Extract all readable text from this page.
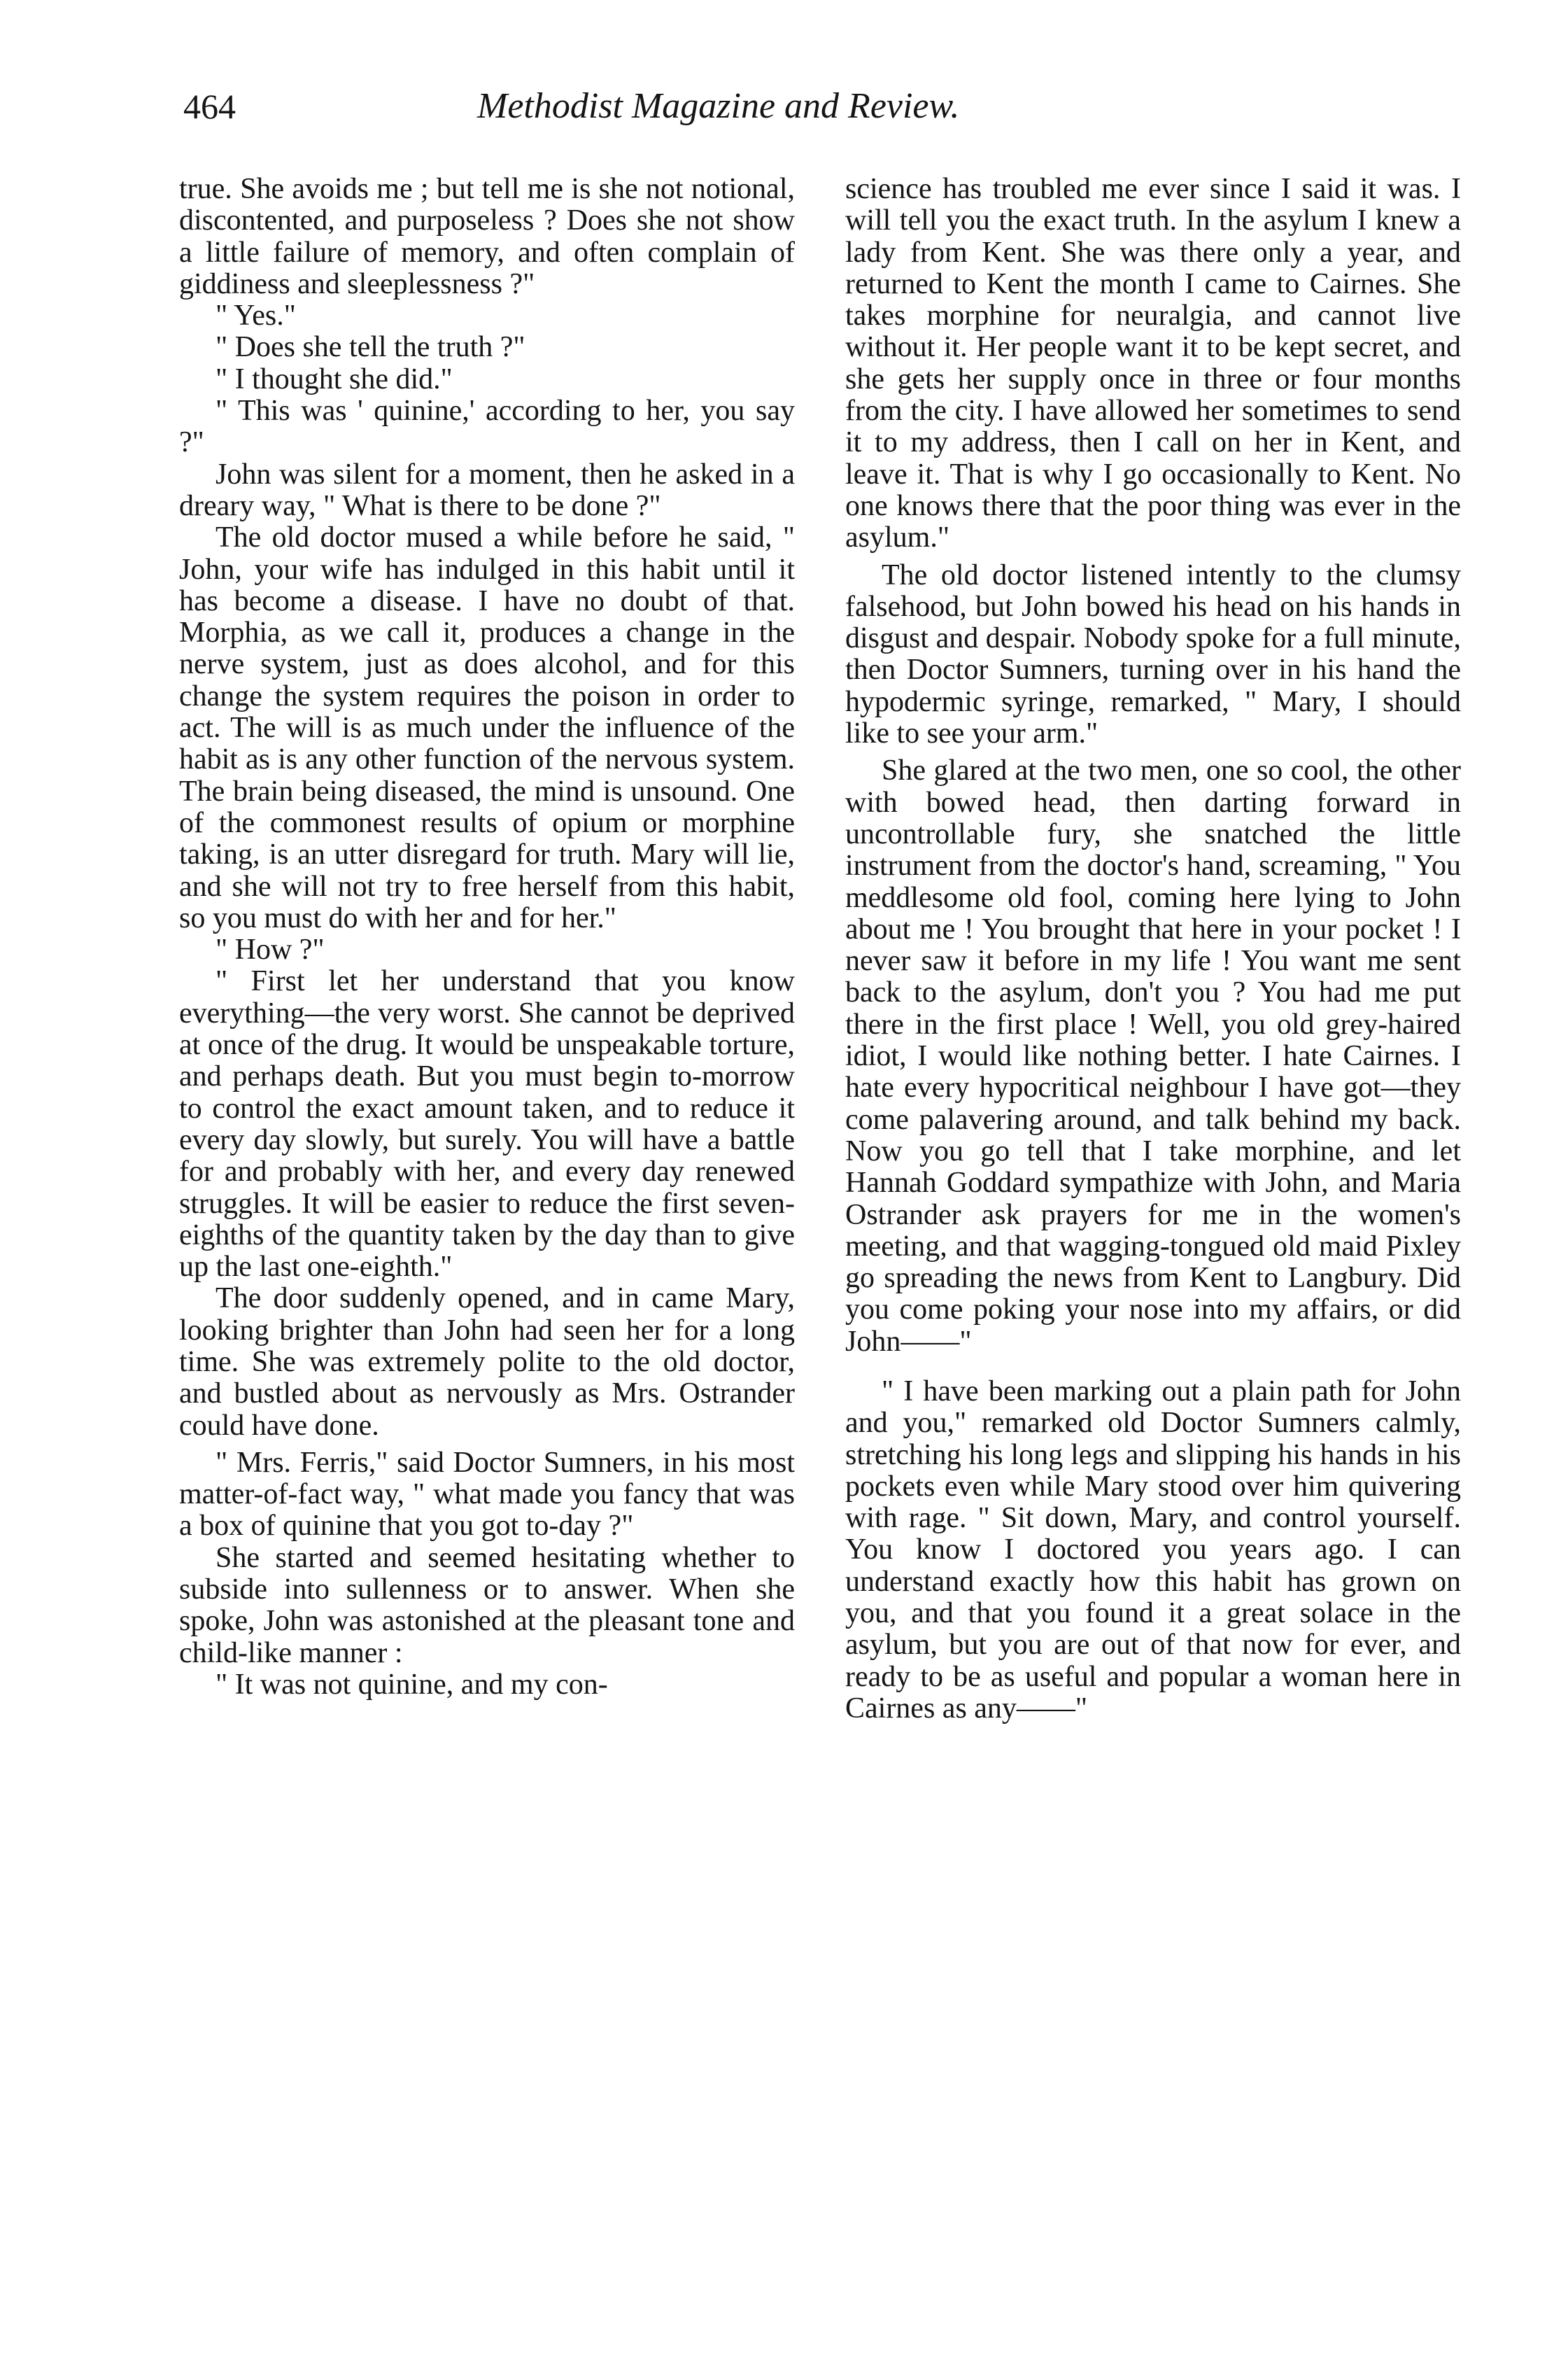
464	Methodist Magazine and Review.

true. She avoids me ; but tell me is she not notional, discontented, and purposeless ? Does she not show a little failure of memory, and often complain of giddiness and sleeplessness ?"

" Yes."

" Does she tell the truth ?"

" I thought she did."

" This was ' quinine,' according to her, you say ?"

John was silent for a moment, then he asked in a dreary way, " What is there to be done ?"

The old doctor mused a while before he said, " John, your wife has indulged in this habit until it has become a disease. I have no doubt of that. Morphia, as we call it, produces a change in the nerve system, just as does alcohol, and for this change the system requires the poison in order to act. The will is as much under the influence of the habit as is any other function of the nervous system. The brain being diseased, the mind is unsound. One of the commonest results of opium or morphine taking, is an utter disregard for truth. Mary will lie, and she will not try to free herself from this habit, so you must do with her and for her."

" How ?"

" First let her understand that you know everything—the very worst. She cannot be deprived at once of the drug. It would be unspeakable torture, and perhaps death. But you must begin to-morrow to control the exact amount taken, and to reduce it every day slowly, but surely. You will have a battle for and probably with her, and every day renewed struggles. It will be easier to reduce the first seven-eighths of the quantity taken by the day than to give up the last one-eighth."

The door suddenly opened, and in came Mary, looking brighter than John had seen her for a long time. She was extremely polite to the old doctor, and bustled about as nervously as Mrs. Ostrander could have done.

" Mrs. Ferris," said Doctor Sumners, in his most matter-of-fact way, " what made you fancy that was a box of quinine that you got to-day ?"

She started and seemed hesitating whether to subside into sullenness or to answer. When she spoke, John was astonished at the pleasant tone and child-like manner :

" It was not quinine, and my con-

science has troubled me ever since I said it was. I will tell you the exact truth. In the asylum I knew a lady from Kent. She was there only a year, and returned to Kent the month I came to Cairnes. She takes morphine for neuralgia, and cannot live without it. Her people want it to be kept secret, and she gets her supply once in three or four months from the city. I have allowed her sometimes to send it to my address, then I call on her in Kent, and leave it. That is why I go occasionally to Kent. No one knows there that the poor thing was ever in the asylum."

The old doctor listened intently to the clumsy falsehood, but John bowed his head on his hands in disgust and despair. Nobody spoke for a full minute, then Doctor Sumners, turning over in his hand the hypodermic syringe, remarked, " Mary, I should like to see your arm."

She glared at the two men, one so cool, the other with bowed head, then darting forward in uncontrollable fury, she snatched the little instrument from the doctor's hand, screaming, " You meddlesome old fool, coming here lying to John about me ! You brought that here in your pocket ! I never saw it before in my life ! You want me sent back to the asylum, don't you ? You had me put there in the first place ! Well, you old grey-haired idiot, I would like nothing better. I hate Cairnes. I hate every hypocritical neighbour I have got—they come palavering around, and talk behind my back. Now you go tell that I take morphine, and let Hannah Goddard sympathize with John, and Maria Ostrander ask prayers for me in the women's meeting, and that wagging-tongued old maid Pixley go spreading the news from Kent to Langbury. Did you come poking your nose into my affairs, or did John——"

" I have been marking out a plain path for John and you," remarked old Doctor Sumners calmly, stretching his long legs and slipping his hands in his pockets even while Mary stood over him quivering with rage. " Sit down, Mary, and control yourself. You know I doctored you years ago. I can understand exactly how this habit has grown on you, and that you found it a great solace in the asylum, but you are out of that now for ever, and ready to be as useful and popular a woman here in Cairnes as any——"
